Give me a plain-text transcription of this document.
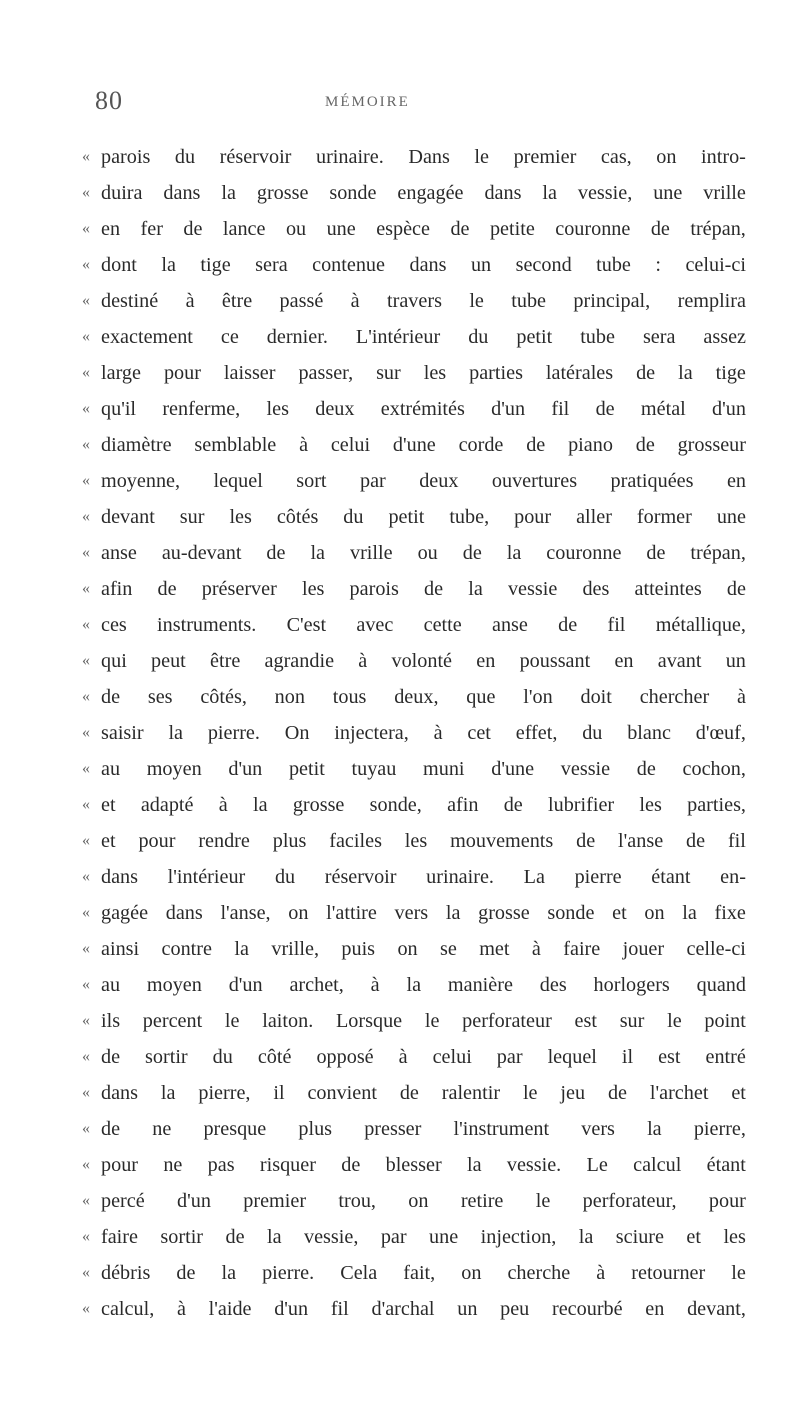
80	MÉMOIRE
« parois du réservoir urinaire. Dans le premier cas, on intro-
« duira dans la grosse sonde engagée dans la vessie, une vrille
« en fer de lance ou une espèce de petite couronne de trépan,
« dont la tige sera contenue dans un second tube : celui-ci
« destiné à être passé à travers le tube principal, remplira
« exactement ce dernier. L'intérieur du petit tube sera assez
« large pour laisser passer, sur les parties latérales de la tige
« qu'il renferme, les deux extrémités d'un fil de métal d'un
« diamètre semblable à celui d'une corde de piano de grosseur
« moyenne, lequel sort par deux ouvertures pratiquées en
« devant sur les côtés du petit tube, pour aller former une
« anse au-devant de la vrille ou de la couronne de trépan,
« afin de préserver les parois de la vessie des atteintes de
« ces instruments. C'est avec cette anse de fil métallique,
« qui peut être agrandie à volonté en poussant en avant un
« de ses côtés, non tous deux, que l'on doit chercher à
« saisir la pierre. On injectera, à cet effet, du blanc d'œuf,
« au moyen d'un petit tuyau muni d'une vessie de cochon,
« et adapté à la grosse sonde, afin de lubrifier les parties,
« et pour rendre plus faciles les mouvements de l'anse de fil
« dans l'intérieur du réservoir urinaire. La pierre étant en-
« gagée dans l'anse, on l'attire vers la grosse sonde et on la fixe
« ainsi contre la vrille, puis on se met à faire jouer celle-ci
« au moyen d'un archet, à la manière des horlogers quand
« ils percent le laiton. Lorsque le perforateur est sur le point
« de sortir du côté opposé à celui par lequel il est entré
« dans la pierre, il convient de ralentir le jeu de l'archet et
« de ne presque plus presser l'instrument vers la pierre,
« pour ne pas risquer de blesser la vessie. Le calcul étant
« percé d'un premier trou, on retire le perforateur, pour
« faire sortir de la vessie, par une injection, la sciure et les
« débris de la pierre. Cela fait, on cherche à retourner le
« calcul, à l'aide d'un fil d'archal un peu recourbé en devant,
